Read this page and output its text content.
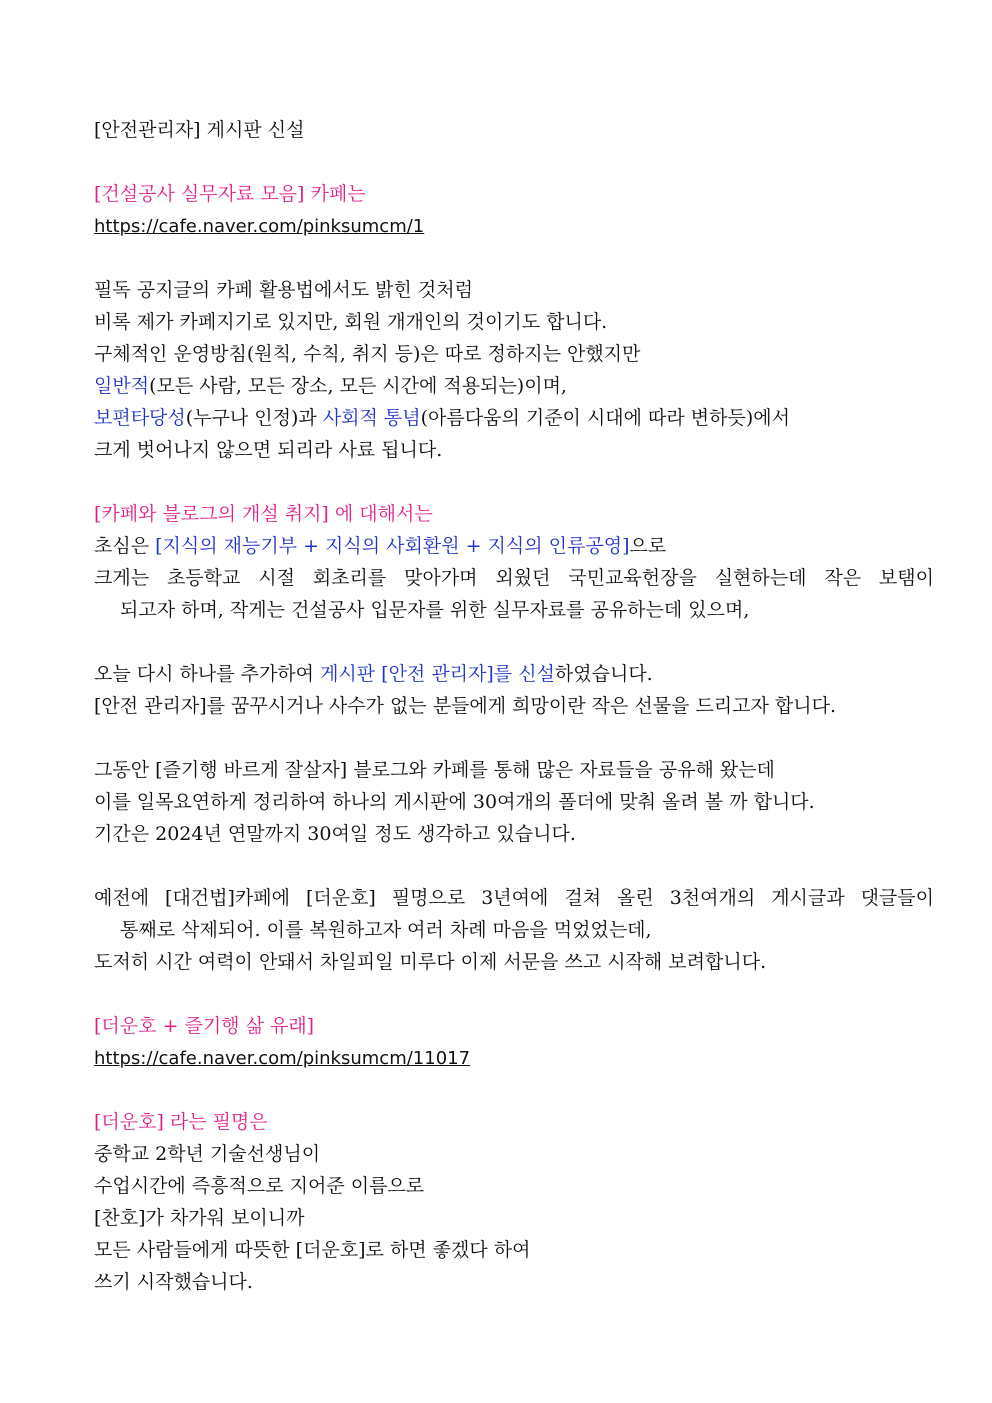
[안전관리자] 게시판 신설
[건설공사 실무자료 모음] 카페는
https://cafe.naver.com/pinksumcm/1
필독 공지글의 카페 활용법에서도 밝힌 것처럼
비록 제가 카페지기로 있지만, 회원 개개인의 것이기도 합니다.
구체적인 운영방침(원칙, 수칙, 취지 등)은 따로 정하지는 안했지만
일반적(모든 사람, 모든 장소, 모든 시간에 적용되는)이며,
보편타당성(누구나 인정)과 사회적 통념(아름다움의 기준이 시대에 따라 변하듯)에서
크게 벗어나지 않으면 되리라 사료 됩니다.
[카페와 블로그의 개설 취지] 에 대해서는
초심은 [지식의 재능기부 + 지식의 사회환원 + 지식의 인류공영]으로
크게는 초등학교 시절 회초리를 맞아가며 외웠던 국민교육헌장을 실현하는데 작은 보탬이
되고자 하며, 작게는 건설공사 입문자를 위한 실무자료를 공유하는데 있으며,
오늘 다시 하나를 추가하여 게시판 [안전 관리자]를 신설하였습니다.
[안전 관리자]를 꿈꾸시거나 사수가 없는 분들에게 희망이란 작은 선물을 드리고자 합니다.
그동안 [즐기행 바르게 잘살자] 블로그와 카페를 통해 많은 자료들을 공유해 왔는데
이를 일목요연하게 정리하여 하나의 게시판에 30여개의 폴더에 맞춰 올려 볼 까 합니다.
기간은 2024년 연말까지 30여일 정도 생각하고 있습니다.
예전에 [대건법]카페에 [더운호] 필명으로 3년여에 걸쳐 올린 3천여개의 게시글과 댓글들이
통째로 삭제되어. 이를 복원하고자 여러 차례 마음을 먹었었는데,
도저히 시간 여력이 안돼서 차일피일 미루다 이제 서문을 쓰고 시작해 보려합니다.
[더운호 + 즐기행 삶 유래]
https://cafe.naver.com/pinksumcm/11017
[더운호] 라는 필명은
중학교 2학년 기술선생님이
수업시간에 즉흥적으로 지어준 이름으로
[찬호]가 차가워 보이니까
모든 사람들에게 따뜻한 [더운호]로 하면 좋겠다 하여
쓰기 시작했습니다.
